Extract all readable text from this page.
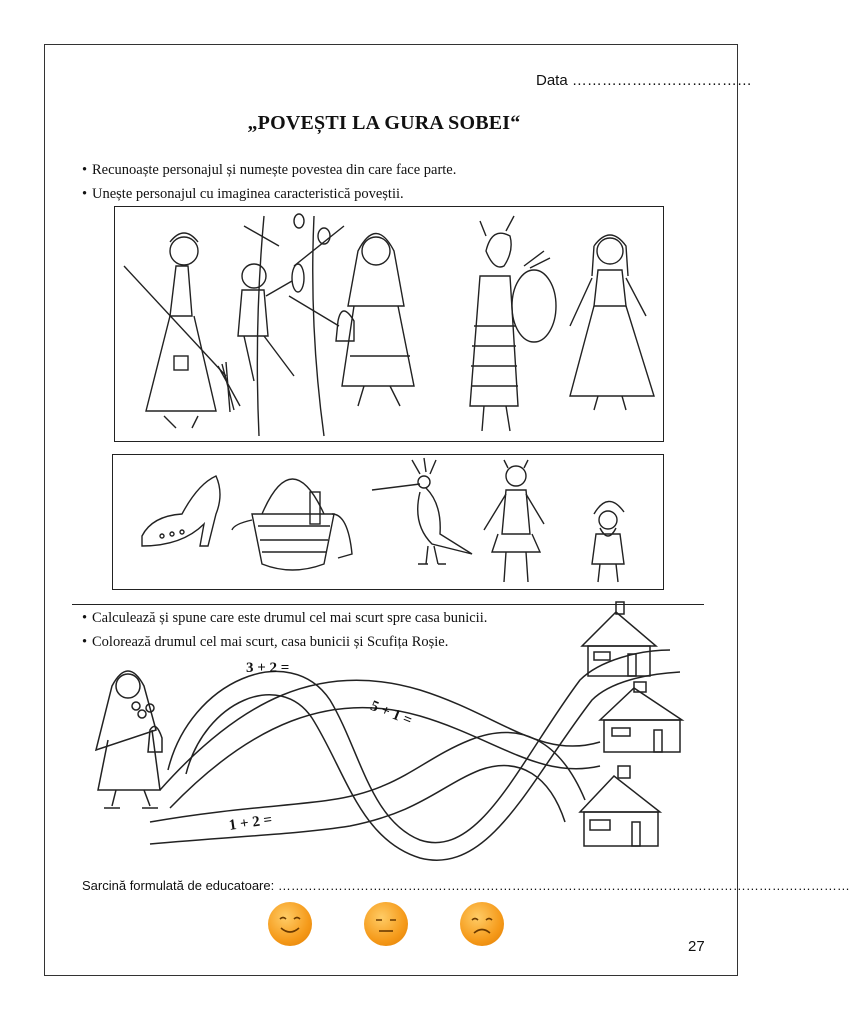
Data ………………………………
„POVEȘTI LA GURA SOBEI“
• Recunoaște personajul și numește povestea din care face parte.
• Unește personajul cu imaginea caracteristică poveștii.
• Calculează și spune care este drumul cel mai scurt spre casa bunicii.
• Colorează drumul cel mai scurt, casa bunicii și Scufița Roșie.
3 + 2 =
5 + 1 =
1 + 2 =
Sarcină formulată de educatoare: ……………………………………………………………………………………………………………………
27
